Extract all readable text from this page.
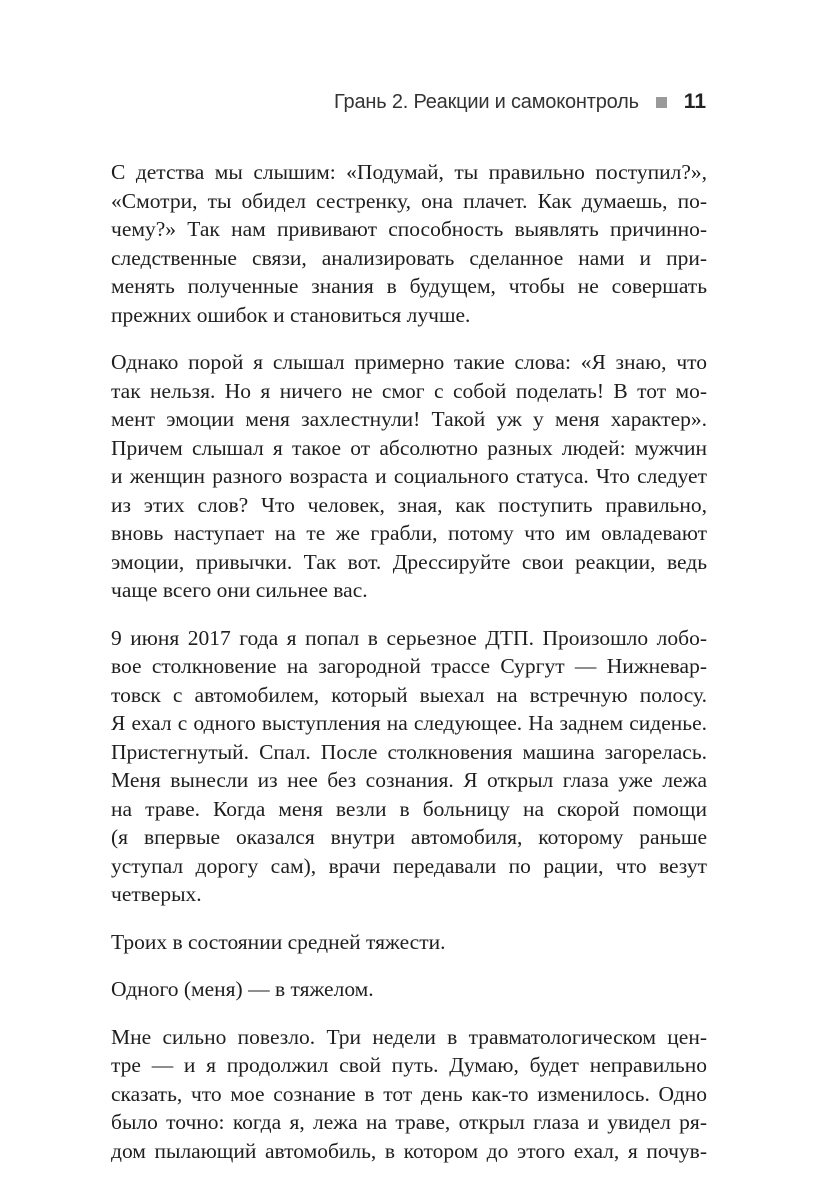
Грань 2. Реакции и самоконтроль 11

С детства мы слышим: «Подумай, ты правильно поступил?»,
«Смотри, ты обидел сестренку, она плачет. Как думаешь, по-
чему?» Так нам прививают способность выявлять причинно-
следственные связи, анализировать сделанное нами и при-
менять полученные знания в будущем, чтобы не совершать
прежних ошибок и становиться лучше.

Однако порой я слышал примерно такие слова: «Я знаю, что
так нельзя. Но я ничего не смог с собой поделать! В тот мо-
мент эмоции меня захлестнули! Такой уж у меня характер».
Причем слышал я такое от абсолютно разных людей: мужчин
и женщин разного возраста и социального статуса. Что следует
из этих слов? Что человек, зная, как поступить правильно,
вновь наступает на те же грабли, потому что им овладевают
эмоции, привычки. Так вот. Дрессируйте свои реакции, ведь
чаще всего они сильнее вас.

9 июня 2017 года я попал в серьезное ДТП. Произошло лобо-
вое столкновение на загородной трассе Сургут — Нижневар-
товск с автомобилем, который выехал на встречную полосу.
Я ехал с одного выступления на следующее. На заднем сиденье.
Пристегнутый. Спал. После столкновения машина загорелась.
Меня вынесли из нее без сознания. Я открыл глаза уже лежа
на траве. Когда меня везли в больницу на скорой помощи
(я впервые оказался внутри автомобиля, которому раньше
уступал дорогу сам), врачи передавали по рации, что везут
четверых.

Троих в состоянии средней тяжести.

Одного (меня) — в тяжелом.

Мне сильно повезло. Три недели в травматологическом цен-
тре — и я продолжил свой путь. Думаю, будет неправильно
сказать, что мое сознание в тот день как-то изменилось. Одно
было точно: когда я, лежа на траве, открыл глаза и увидел ря-
дом пылающий автомобиль, в котором до этого ехал, я почув-
